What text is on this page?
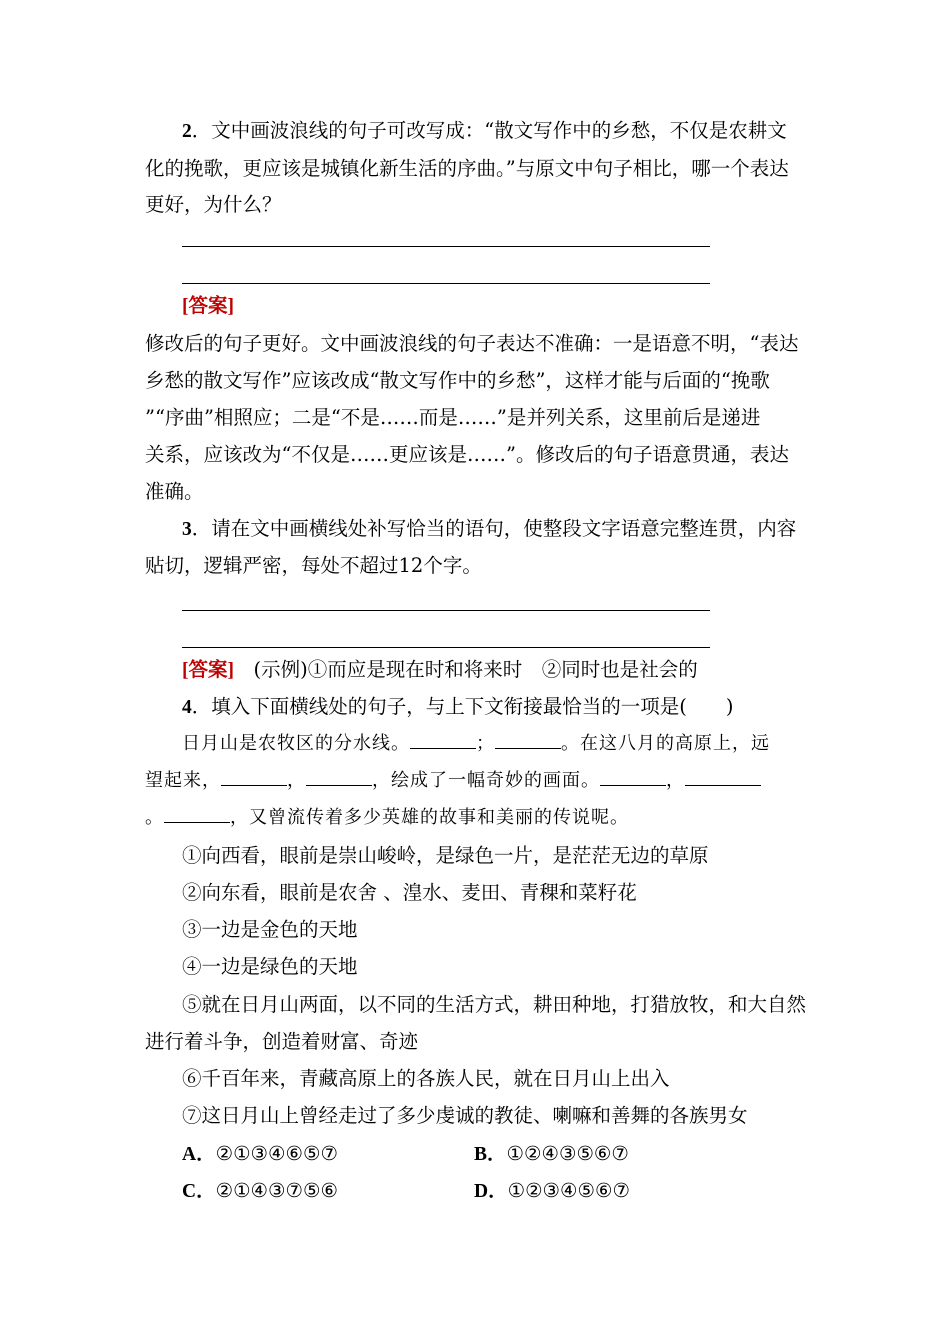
2．文中画波浪线的句子可改写成：“散文写作中的乡愁，不仅是农耕文
化的挽歌，更应该是城镇化新生活的序曲。”与原文中句子相比，哪一个表达
更好，为什么？
[答案]
修改后的句子更好。文中画波浪线的句子表达不准确：一是语意不明，“表达
乡愁的散文写作”应该改成“散文写作中的乡愁”，这样才能与后面的“挽歌
”“序曲”相照应；二是“不是……而是……”是并列关系，这里前后是递进
关系，应该改为“不仅是……更应该是……”。修改后的句子语意贯通，表达
准确。
3．请在文中画横线处补写恰当的语句，使整段文字语意完整连贯，内容
贴切，逻辑严密，每处不超过12个字。
[答案]　(示例)①而应是现在时和将来时　②同时也是社会的
4．填入下面横线处的句子，与上下文衔接最恰当的一项是(　　)
日月山是农牧区的分水线。	；	。在这八月的高原上，远
望起来，	，	，绘成了一幅奇妙的画面。	，
。	，又曾流传着多少英雄的故事和美丽的传说呢。
①向西看，眼前是崇山峻岭，是绿色一片，是茫茫无边的草原
②向东看，眼前是农舍 、湟水、麦田、青稞和菜籽花
③一边是金色的天地
④一边是绿色的天地
⑤就在日月山两面，以不同的生活方式，耕田种地，打猎放牧，和大自然
进行着斗争，创造着财富、奇迹
⑥千百年来，青藏高原上的各族人民，就在日月山上出入
⑦这日月山上曾经走过了多少虔诚的教徒、喇嘛和善舞的各族男女
A．②①③④⑥⑤⑦	B．①②④③⑤⑥⑦
C．②①④③⑦⑤⑥	D．①②③④⑤⑥⑦
